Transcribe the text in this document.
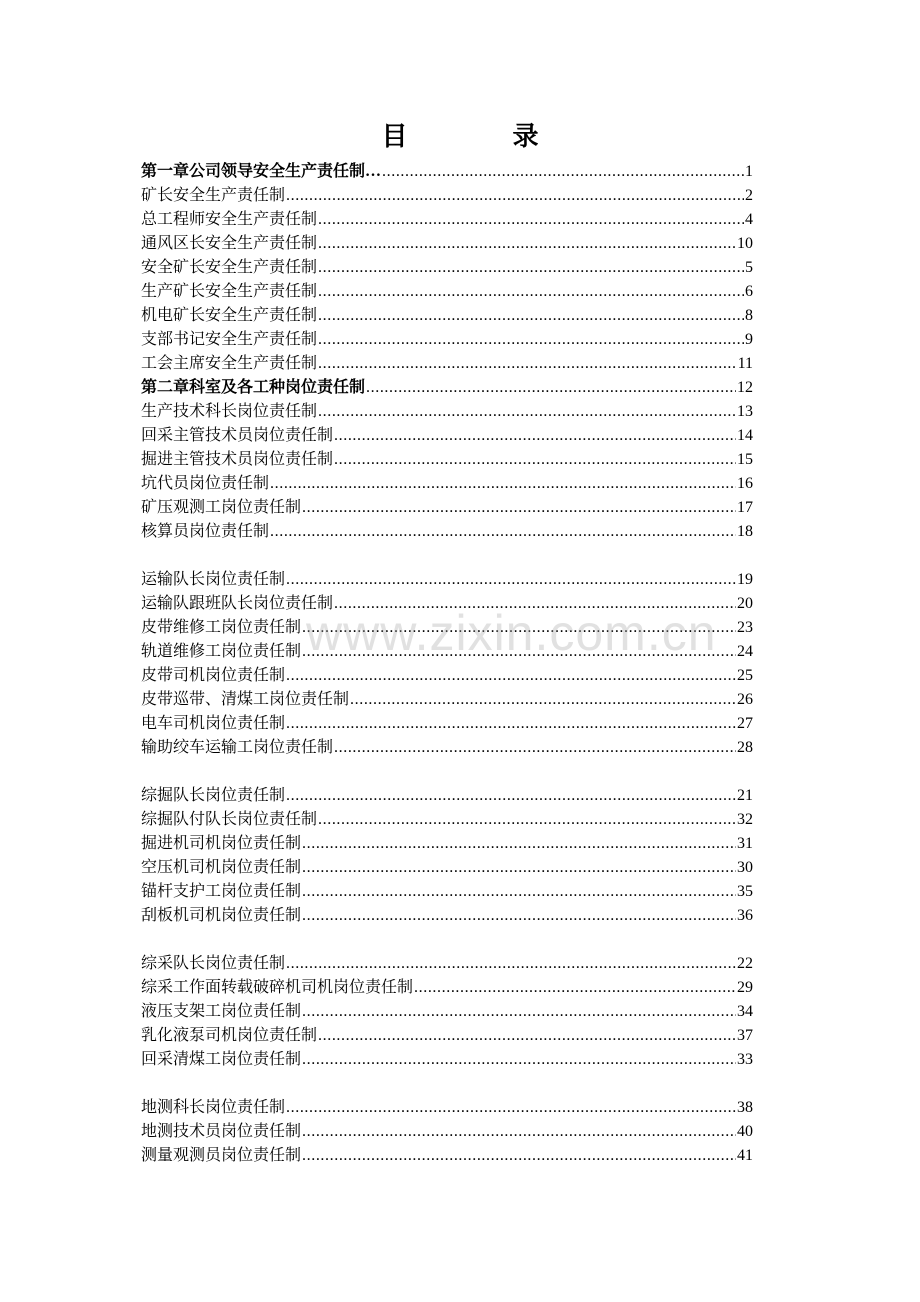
目	录
第一章公司领导安全生产责任制… .....	1
矿长安全生产责任制 .....	2
总工程师安全生产责任制 .....	4
通风区长安全生产责任制 .....	10
安全矿长安全生产责任制 .....	5
生产矿长安全生产责任制 .....	6
机电矿长安全生产责任制 .....	8
支部书记安全生产责任制 .....	9
工会主席安全生产责任制 .....	11
第二章科室及各工种岗位责任制 .....	12
生产技术科长岗位责任制 .....	13
回采主管技术员岗位责任制 .....	14
掘进主管技术员岗位责任制 .....	15
坑代员岗位责任制 .....	16
矿压观测工岗位责任制 .....	17
核算员岗位责任制 .....	18
运输队长岗位责任制 .....	19
运输队跟班队长岗位责任制 .....	20
皮带维修工岗位责任制 .....	23
轨道维修工岗位责任制 .....	24
皮带司机岗位责任制 .....	25
皮带巡带、清煤工岗位责任制 .....	26
电车司机岗位责任制 .....	27
输助绞车运输工岗位责任制 .....	28
综掘队长岗位责任制 .....	21
综掘队付队长岗位责任制 .....	32
掘进机司机岗位责任制 .....	31
空压机司机岗位责任制 .....	30
锚杆支护工岗位责任制 .....	35
刮板机司机岗位责任制 .....	36
综采队长岗位责任制 .....	22
综采工作面转载破碎机司机岗位责任制 .....	29
液压支架工岗位责任制 .....	34
乳化液泵司机岗位责任制 .....	37
回采清煤工岗位责任制 .....	33
地测科长岗位责任制 .....	38
地测技术员岗位责任制 .....	40
测量观测员岗位责任制 .....	41
www.zixin.com.cn
